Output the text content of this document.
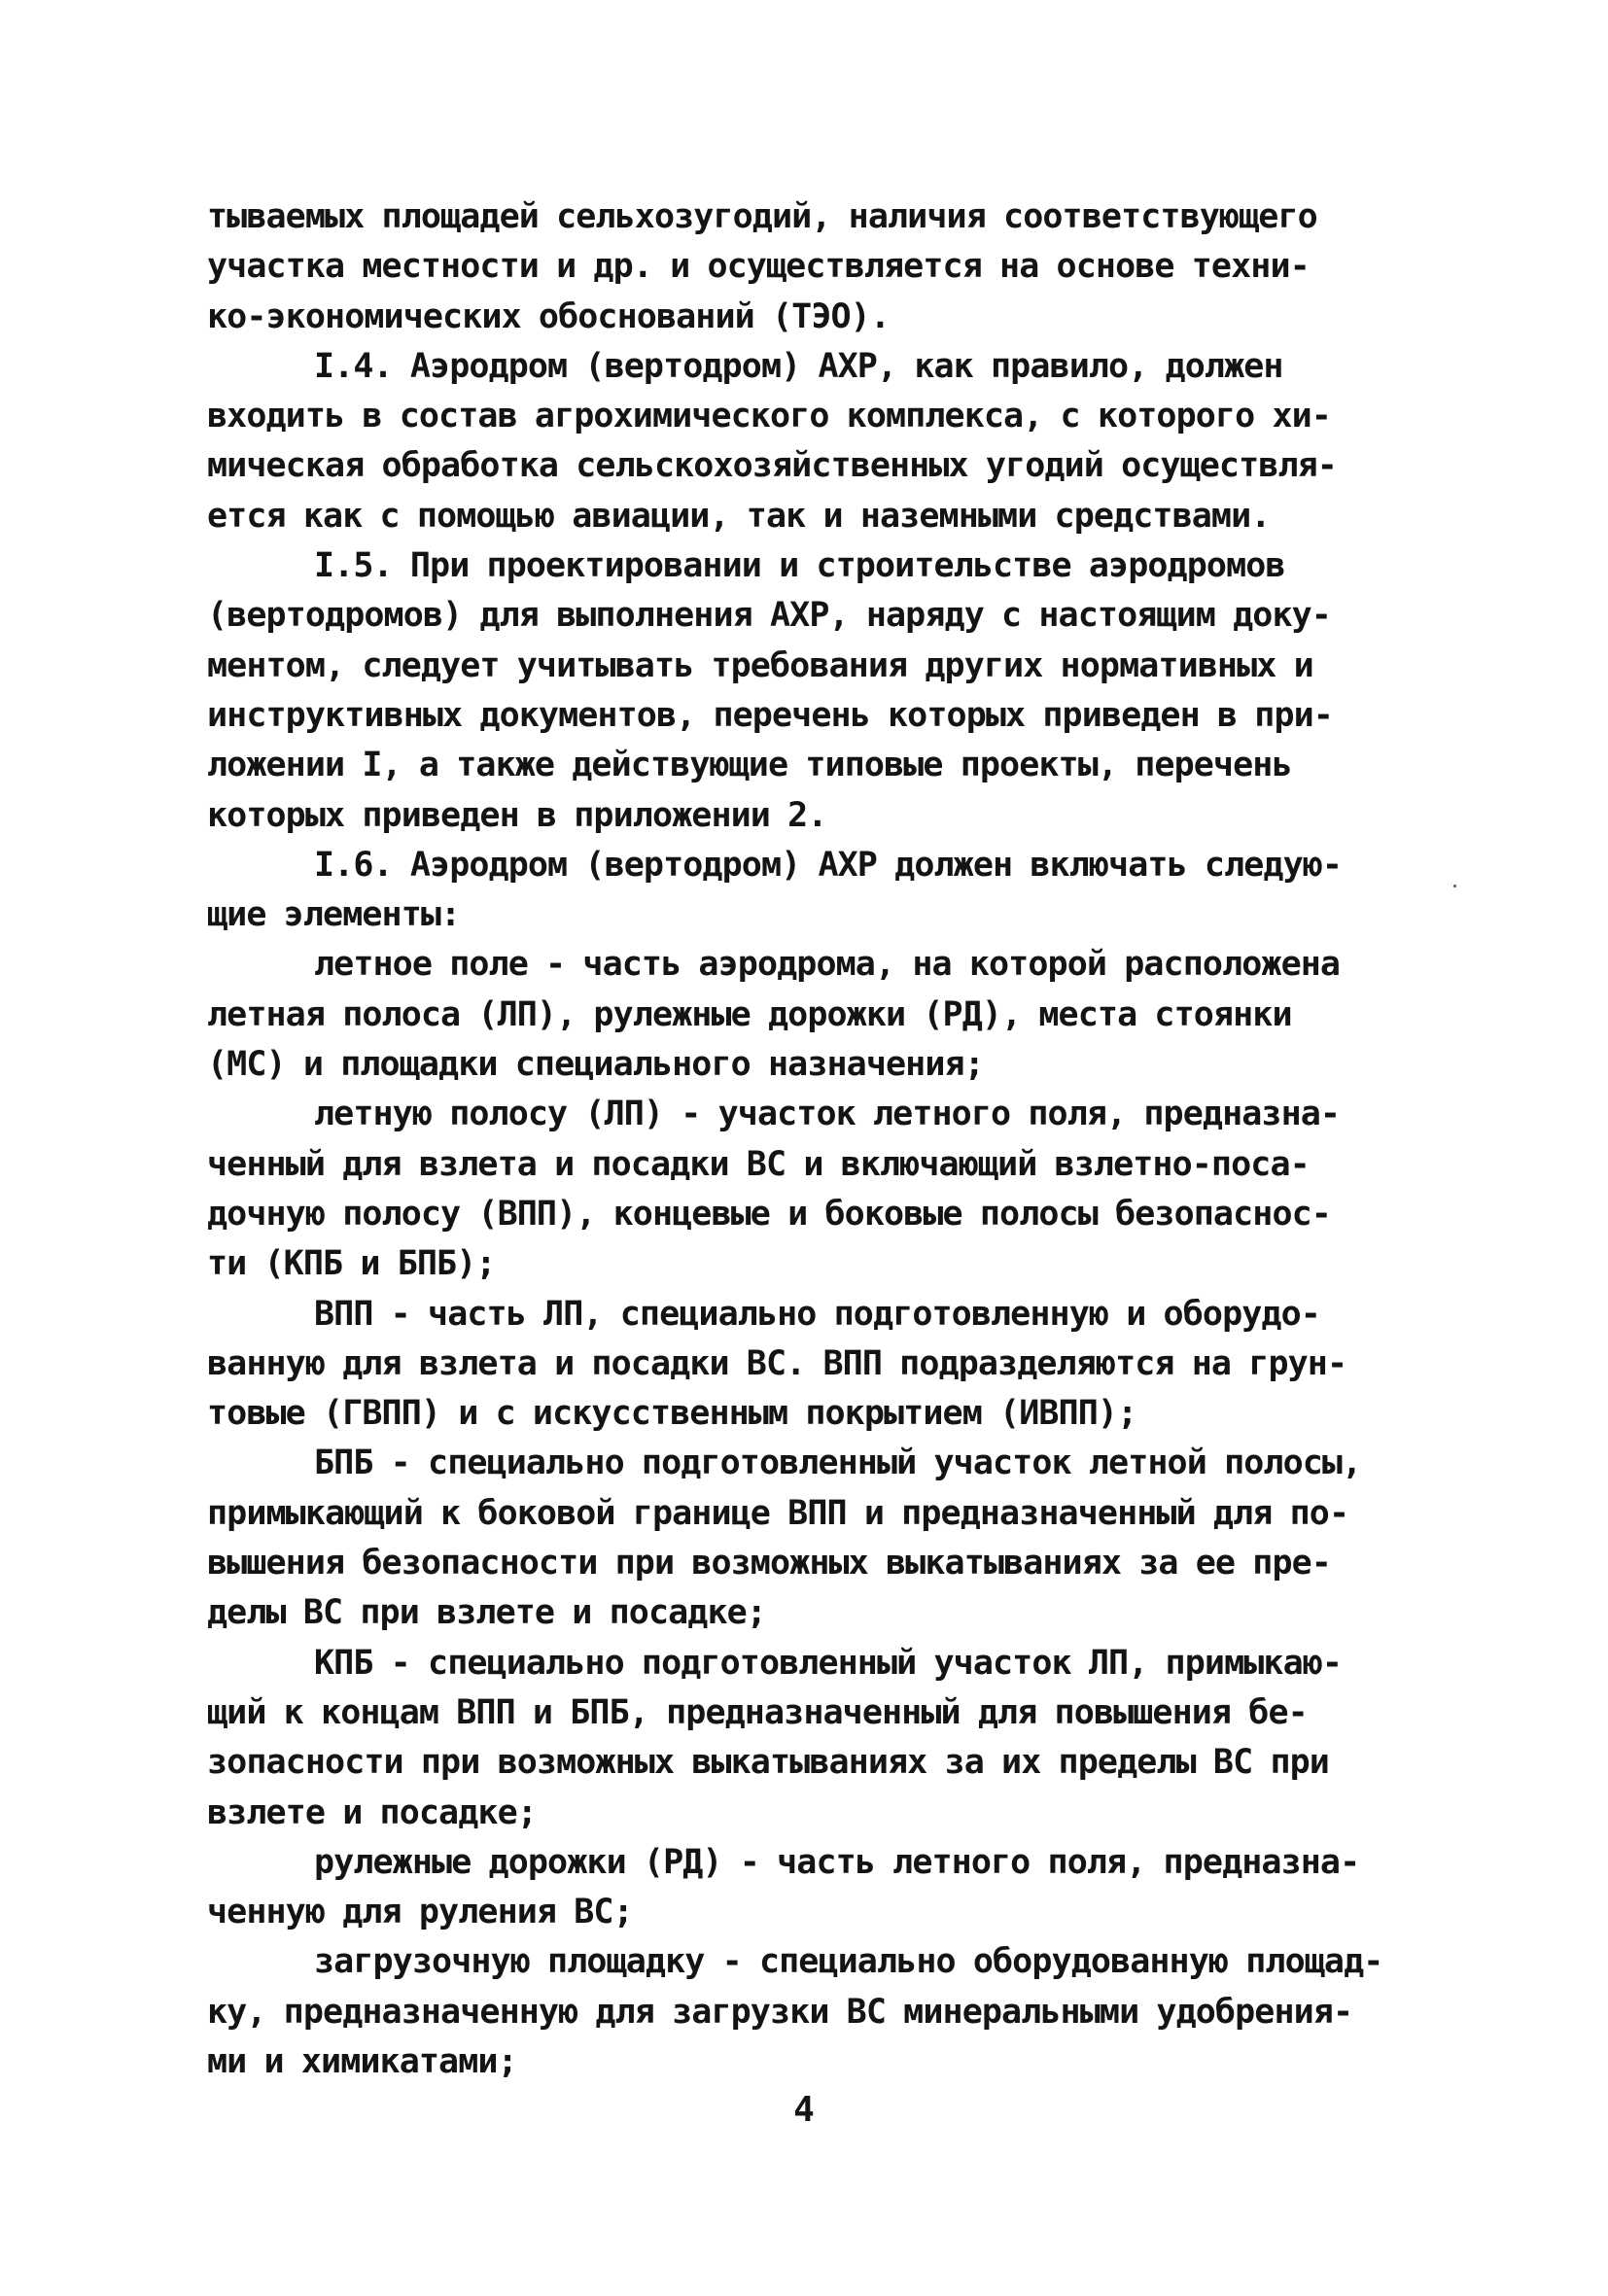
тываемых площадей сельхозугодий, наличия соответствующего
участка местности и др. и осуществляется на основе техни-
ко-экономических обоснований (ТЭО).
I.4. Аэродром (вертодром) АХР, как правило, должен
входить в состав агрохимического комплекса, с которого хи-
мическая обработка сельскохозяйственных угодий осуществля-
ется как с помощью авиации, так и наземными средствами.
I.5. При проектировании и строительстве аэродромов
(вертодромов) для выполнения АХР, наряду с настоящим доку-
ментом, следует учитывать требования других нормативных и
инструктивных документов, перечень которых приведен в при-
ложении I, а также действующие типовые проекты, перечень
которых приведен в приложении 2.
I.6. Аэродром (вертодром) АХР должен включать следую-
щие элементы:
летное поле - часть аэродрома, на которой расположена
летная полоса (ЛП), рулежные дорожки (РД), места стоянки
(МС) и площадки специального назначения;
летную полосу (ЛП) - участок летного поля, предназна-
ченный для взлета и посадки ВС и включающий взлетно-поса-
дочную полосу (ВПП), концевые и боковые полосы безопаснос-
ти (КПБ и БПБ);
ВПП - часть ЛП, специально подготовленную и оборудо-
ванную для взлета и посадки ВС. ВПП подразделяются на грун-
товые (ГВПП) и с искусственным покрытием (ИВПП);
БПБ - специально подготовленный участок летной полосы,
примыкающий к боковой границе ВПП и предназначенный для по-
вышения безопасности при возможных выкатываниях за ее пре-
делы ВС при взлете и посадке;
КПБ - специально подготовленный участок ЛП, примыкаю-
щий к концам ВПП и БПБ, предназначенный для повышения бе-
зопасности при возможных выкатываниях за их пределы ВС при
взлете и посадке;
рулежные дорожки (РД) - часть летного поля, предназна-
ченную для руления ВС;
загрузочную площадку - специально оборудованную площад-
ку, предназначенную для загрузки ВС минеральными удобрения-
ми и химикатами;
4
